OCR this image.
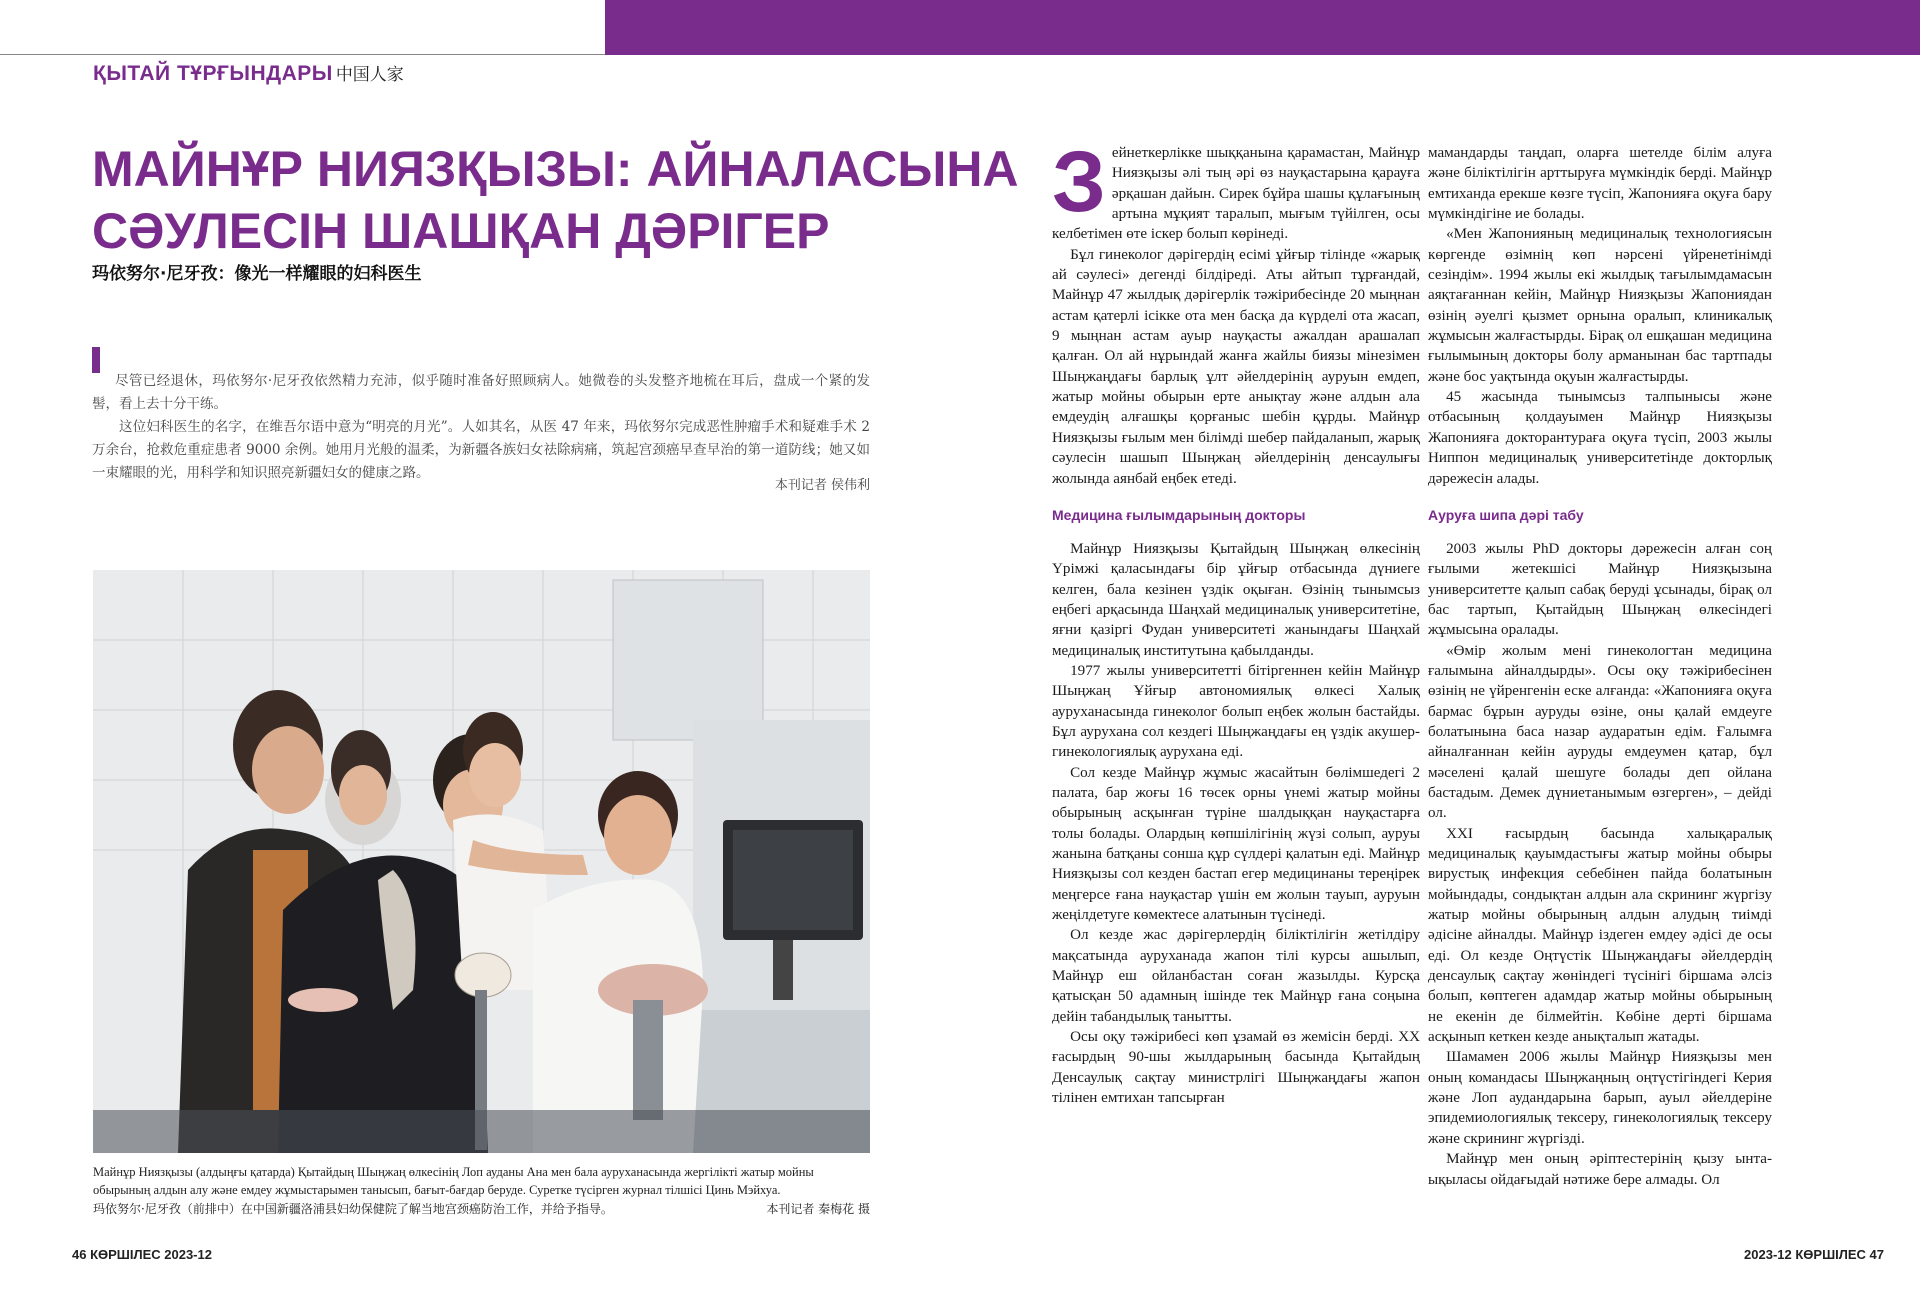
ҚЫТАЙ ТҰРҒЫНДАРЫ 中国人家
МАЙНҰР НИЯЗҚЫЗЫ: АЙНАЛАСЫНА
СӘУЛЕСІН ШАШҚАН ДӘРІГЕР
玛依努尔·尼牙孜：像光一样耀眼的妇科医生

尽管已经退休，玛依努尔·尼牙孜依然精力充沛，似乎随时准备好照顾病人。她微卷的头发整齐地梳在耳后，盘成一个紧的发髻，看上去十分干练。

这位妇科医生的名字，在维吾尔语中意为“明亮的月光”。人如其名，从医 47 年来，玛依努尔完成恶性肿瘤手术和疑难手术 2 万余台，抢救危重症患者 9000 余例。她用月光般的温柔，为新疆各族妇女祛除病痛，筑起宫颈癌早查早治的第一道防线；她又如一束耀眼的光，用科学和知识照亮新疆妇女的健康之路。

本刊记者 侯伟利
Майнұр Ниязқызы (алдыңғы қатарда) Қытайдың Шыңжаң өлкесінің Лоп ауданы Ана мен бала ауруханасында жергілікті жатыр мойны обырының алдын алу және емдеу жұмыстарымен танысып, бағыт-бағдар беруде. Суретке түсірген журнал тілшісі Цинь Мэйхуа.
玛依努尔·尼牙孜（前排中）在中国新疆洛浦县妇幼保健院了解当地宫颈癌防治工作，并给予指导。	本刊记者 秦梅花 摄
46 КӨРШІЛЕС 2023-12	2023-12 КӨРШІЛЕС 47

Зейнеткерлікке шыққанына қарамастан, Майнұр Ниязқызы әлі тың әрі өз науқастарына қарауға әрқашан дайын. Сирек бұйра шашы құлағының артына мұқият таралып, мығым түйілген, осы келбетімен өте іскер болып көрінеді.

Бұл гинеколог дәрігердің есімі ұйғыр тілінде «жарық ай сәулесі» дегенді білдіреді. Аты айтып тұрғандай, Майнұр 47 жылдық дәрігерлік тәжірибесінде 20 мыңнан астам қатерлі ісікке ота мен басқа да күрделі ота жасап, 9 мыңнан астам ауыр науқасты ажалдан арашалап қалған. Ол ай нұрындай жанға жайлы биязы мінезімен Шыңжаңдағы барлық ұлт әйелдерінің ауруын емдеп, жатыр мойны обырын ерте анықтау және алдын ала емдеудің алғашқы қорғаныс шебін құрды. Майнұр Ниязқызы ғылым мен білімді шебер пайдаланып, жарық сәулесін шашып Шыңжаң әйелдерінің денсаулығы жолында аянбай еңбек етеді.

Медицина ғылымдарының докторы

Майнұр Ниязқызы Қытайдың Шыңжаң өлкесінің Үрімжі қаласындағы бір ұйғыр отбасында дүниеге келген, бала кезінен үздік оқыған. Өзінің тынымсыз еңбегі арқасында Шаңхай медициналық университетіне, яғни қазіргі Фудан университеті жанындағы Шаңхай медициналық институтына қабылданды.

1977 жылы университетті бітіргеннен кейін Майнұр Шыңжаң Ұйғыр автономиялық өлкесі Халық ауруханасында гинеколог болып еңбек жолын бастайды. Бұл аурухана сол кездегі Шыңжаңдағы ең үздік акушер-гинекологиялық аурухана еді.

Сол кезде Майнұр жұмыс жасайтын бөлімшедегі 2 палата, бар жоғы 16 төсек орны үнемі жатыр мойны обырының асқынған түріне шалдыққан науқастарға толы болады. Олардың көпшілігінің жүзі солып, ауруы жанына батқаны соншa құр сүлдері қалатын еді. Майнұр Ниязқызы сол кезден бастап егер медицинаны тереңірек меңгерсе ғана науқастар үшін ем жолын тауып, ауруын жеңілдетуге көмектесе алатынын түсінеді.

Ол кезде жас дәрігерлердің біліктілігін жетілдіру мақсатында ауруханада жапон тілі курсы ашылып, Майнұр еш ойланбастан соған жазылды. Курсқа қатысқан 50 адамның ішінде тек Майнұр ғана соңына дейін табандылық танытты.

Осы оқу тәжірибесі көп ұзамай өз жемісін берді. XX ғасырдың 90-шы жылдарының басында Қытайдың Денсаулық сақтау министрлігі Шыңжаңдағы жапон тілінен емтихан тапсырған

мамандарды таңдап, оларға шетелде білім алуға және біліктілігін арттыруға мүмкіндік берді. Майнұр емтиханда ерекше көзге түсіп, Жапонияға оқуға бару мүмкіндігіне ие болады.

«Мен Жапонияның медициналық технологиясын көргенде өзімнің көп нәрсені үйренетінімді сезіндім». 1994 жылы екі жылдық тағылымдамасын аяқтағаннан кейін, Майнұр Ниязқызы Жапониядан өзінің әуелгі қызмет орнына оралып, клиникалық жұмысын жалғастырды. Бірақ ол ешқашан медицина ғылымының докторы болу арманынан бас тартпады және бос уақтында оқуын жалғастырды.

45 жасында тынымсыз талпынысы және отбасының қолдауымен Майнұр Ниязқызы Жапонияға докторантураға оқуға түсіп, 2003 жылы Ниппон медициналық университетінде докторлық дәрежесін алады.

Ауруға шипа дәрі табу

2003 жылы PhD докторы дәрежесін алған соң ғылыми жетекшісі Майнұр Ниязқызына университетте қалып сабақ беруді ұсынады, бірақ ол бас тартып, Қытайдың Шыңжаң өлкесіндегі жұмысына оралады.

«Өмір жолым мені гинекологтан медицина ғалымына айналдырды». Осы оқу тәжірибесінен өзінің не үйренгенін еске алғанда: «Жапонияға оқуға бармас бұрын ауруды өзіне, оны қалай емдеуге болатынына баса назар аударатын едім. Ғалымға айналғаннан кейін ауруды емдеумен қатар, бұл мәселені қалай шешуге болады деп ойлана бастадым. Демек дүниетанымым өзгерген», – дейді ол.

XXI ғасырдың басында халықаралық медициналық қауымдастығы жатыр мойны обыры вирустық инфекция себебінен пайда болатынын мойындады, сондықтан алдын ала скрининг жүргізу жатыр мойны обырының алдын алудың тиімді әдісіне айналды. Майнұр іздеген емдеу әдісі де осы еді. Ол кезде Оңтүстік Шыңжаңдағы әйелдердің денсаулық сақтау жөніндегі түсінігі біршама әлсіз болып, көптеген адамдар жатыр мойны обырының не екенін де білмейтін. Көбіне дерті біршама асқынып кеткен кезде анықталып жатады.

Шамамен 2006 жылы Майнұр Ниязқызы мен оның командасы Шыңжаңның оңтүстігіндегі Керия және Лоп аудандарына барып, ауыл әйелдеріне эпидемиологиялық тексеру, гинекологиялық тексеру және скрининг жүргізді.

Майнұр мен оның әріптестерінің қызу ынта-ықыласы ойдағыдай нәтиже бере алмады. Ол
